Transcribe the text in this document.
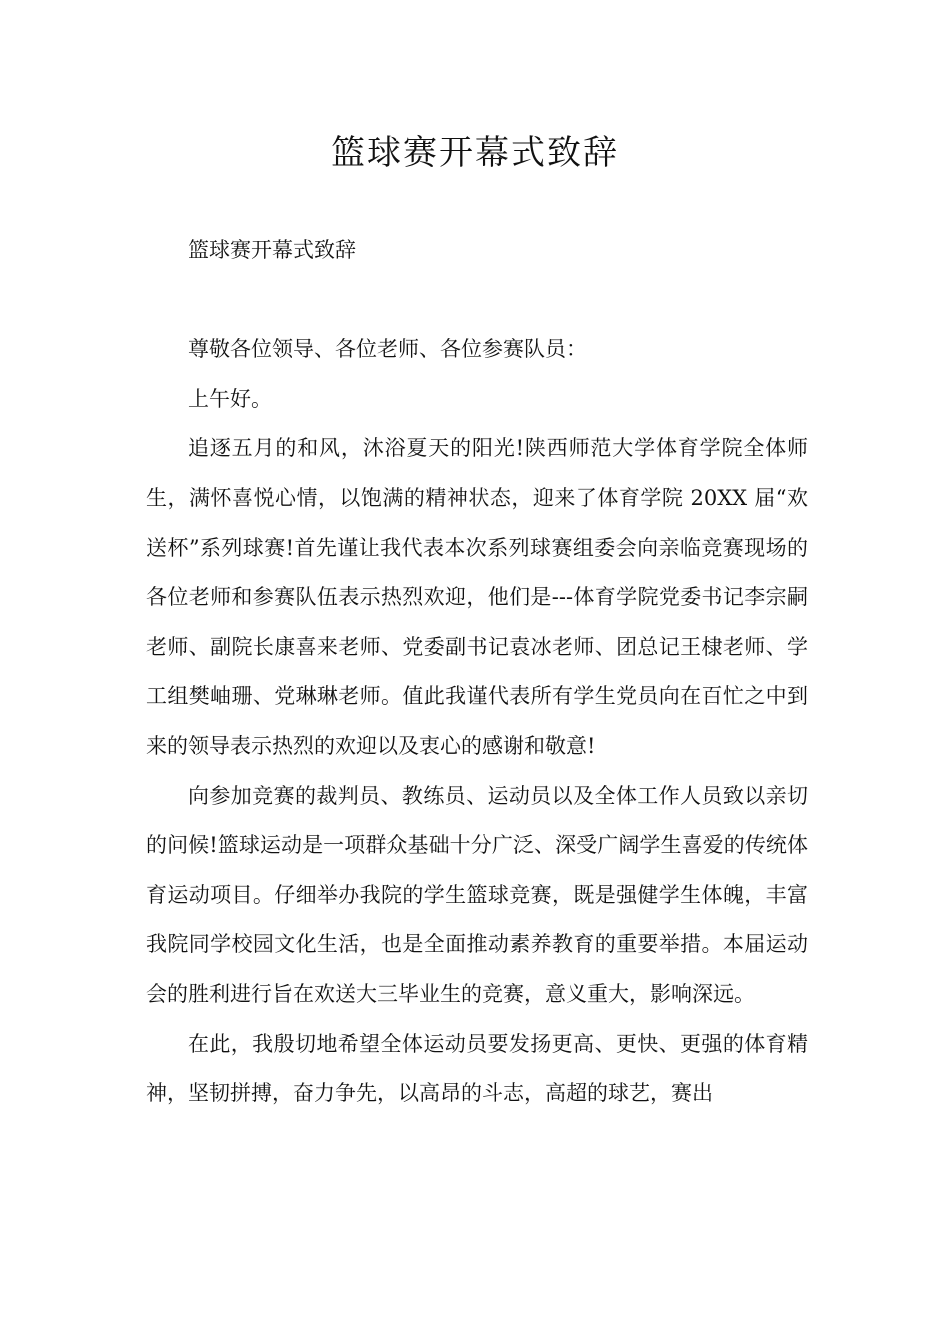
篮球赛开幕式致辞

篮球赛开幕式致辞

尊敬各位领导、各位老师、各位参赛队员：

上午好。

追逐五月的和风，沐浴夏天的阳光!陕西师范大学体育学院全体师生，满怀喜悦心情，以饱满的精神状态，迎来了体育学院 20XX 届“欢送杯”系列球赛!首先谨让我代表本次系列球赛组委会向亲临竞赛现场的各位老师和参赛队伍表示热烈欢迎，他们是---体育学院党委书记李宗嗣老师、副院长康喜来老师、党委副书记袁冰老师、团总记王棣老师、学工组樊岫珊、党琳琳老师。值此我谨代表所有学生党员向在百忙之中到来的领导表示热烈的欢迎以及衷心的感谢和敬意!

向参加竞赛的裁判员、教练员、运动员以及全体工作人员致以亲切的问候!篮球运动是一项群众基础十分广泛、深受广阔学生喜爱的传统体育运动项目。仔细举办我院的学生篮球竞赛，既是强健学生体魄，丰富我院同学校园文化生活，也是全面推动素养教育的重要举措。本届运动会的胜利进行旨在欢送大三毕业生的竞赛，意义重大，影响深远。

在此，我殷切地希望全体运动员要发扬更高、更快、更强的体育精神，坚韧拼搏，奋力争先，以高昂的斗志，高超的球艺，赛出
